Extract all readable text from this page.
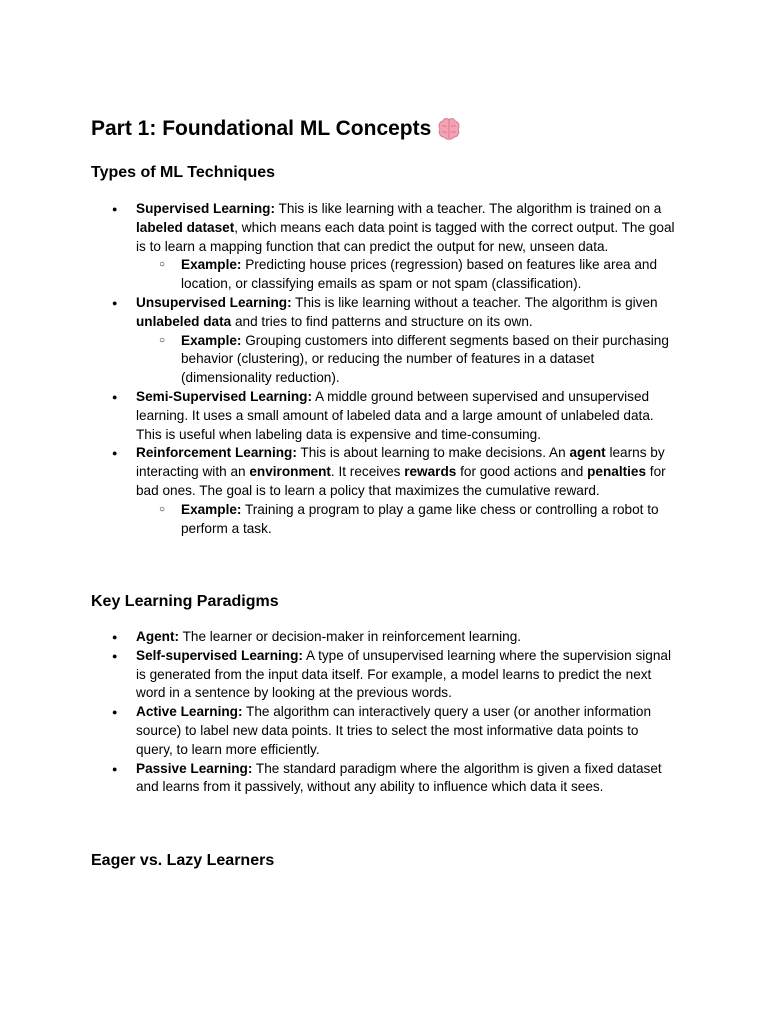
Part 1: Foundational ML Concepts
Types of ML Techniques
● Supervised Learning: This is like learning with a teacher. The algorithm is trained on a labeled dataset, which means each data point is tagged with the correct output. The goal is to learn a mapping function that can predict the output for new, unseen data.
○ Example: Predicting house prices (regression) based on features like area and location, or classifying emails as spam or not spam (classification).
● Unsupervised Learning: This is like learning without a teacher. The algorithm is given unlabeled data and tries to find patterns and structure on its own.
○ Example: Grouping customers into different segments based on their purchasing behavior (clustering), or reducing the number of features in a dataset (dimensionality reduction).
● Semi-Supervised Learning: A middle ground between supervised and unsupervised learning. It uses a small amount of labeled data and a large amount of unlabeled data. This is useful when labeling data is expensive and time-consuming.
● Reinforcement Learning: This is about learning to make decisions. An agent learns by interacting with an environment. It receives rewards for good actions and penalties for bad ones. The goal is to learn a policy that maximizes the cumulative reward.
○ Example: Training a program to play a game like chess or controlling a robot to perform a task.
Key Learning Paradigms
● Agent: The learner or decision-maker in reinforcement learning.
● Self-supervised Learning: A type of unsupervised learning where the supervision signal is generated from the input data itself. For example, a model learns to predict the next word in a sentence by looking at the previous words.
● Active Learning: The algorithm can interactively query a user (or another information source) to label new data points. It tries to select the most informative data points to query, to learn more efficiently.
● Passive Learning: The standard paradigm where the algorithm is given a fixed dataset and learns from it passively, without any ability to influence which data it sees.
Eager vs. Lazy Learners
